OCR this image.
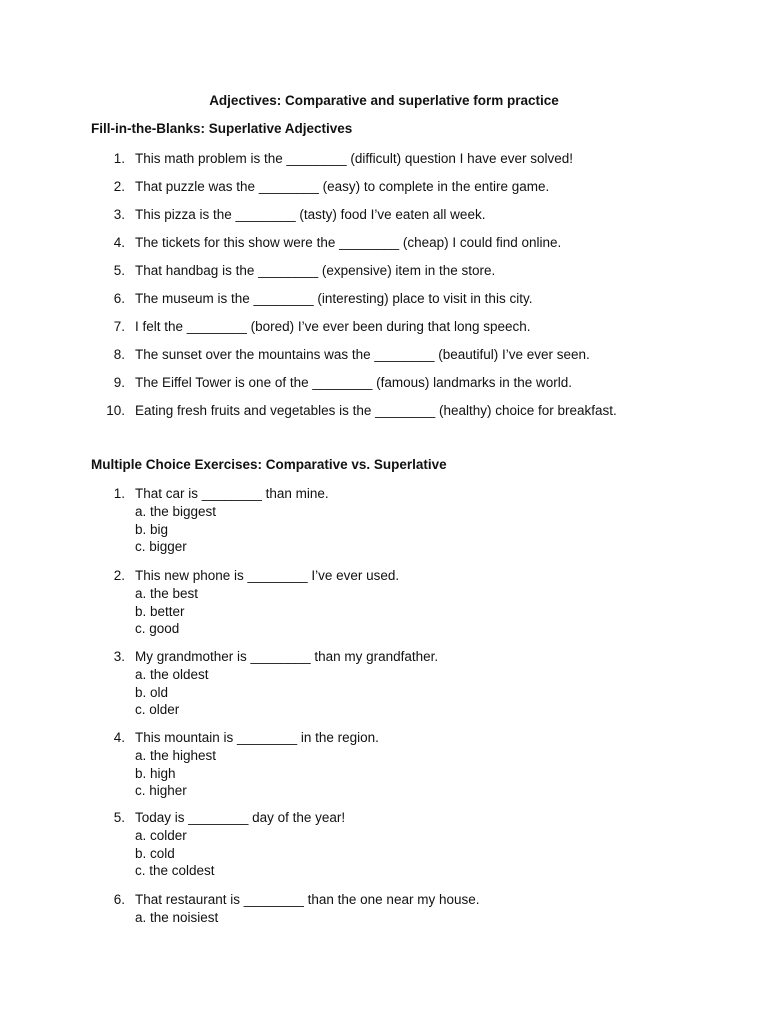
Adjectives: Comparative and superlative form practice
Fill-in-the-Blanks: Superlative Adjectives
1. This math problem is the ________ (difficult) question I have ever solved!
2. That puzzle was the ________ (easy) to complete in the entire game.
3. This pizza is the ________ (tasty) food I’ve eaten all week.
4. The tickets for this show were the ________ (cheap) I could find online.
5. That handbag is the ________ (expensive) item in the store.
6. The museum is the ________ (interesting) place to visit in this city.
7. I felt the ________ (bored) I’ve ever been during that long speech.
8. The sunset over the mountains was the ________ (beautiful) I’ve ever seen.
9. The Eiffel Tower is one of the ________ (famous) landmarks in the world.
10. Eating fresh fruits and vegetables is the ________ (healthy) choice for breakfast.
Multiple Choice Exercises: Comparative vs. Superlative
1. That car is ________ than mine.
a. the biggest
b. big
c. bigger
2. This new phone is ________ I’ve ever used.
a. the best
b. better
c. good
3. My grandmother is ________ than my grandfather.
a. the oldest
b. old
c. older
4. This mountain is ________ in the region.
a. the highest
b. high
c. higher
5. Today is ________ day of the year!
a. colder
b. cold
c. the coldest
6. That restaurant is ________ than the one near my house.
a. the noisiest
